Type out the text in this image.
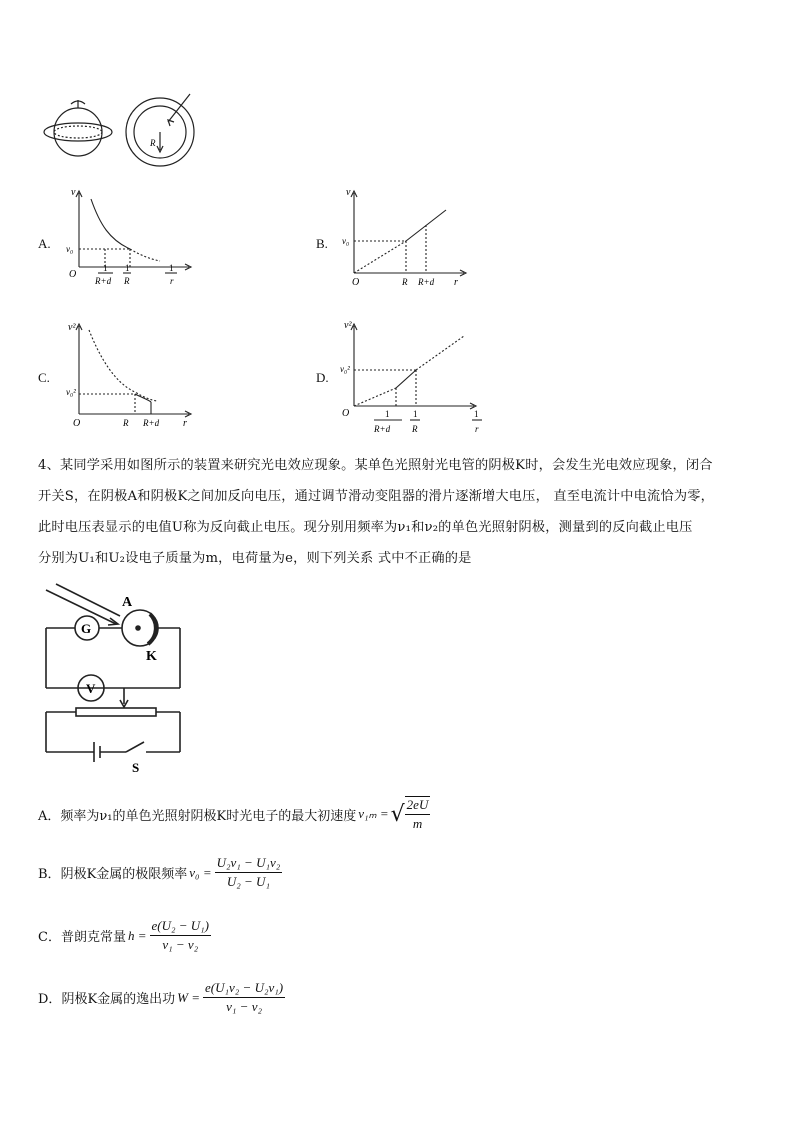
R
A.
v
v₀
O
1
R+d
1
R
1
r
B.
v
v₀
O	R R+d r
C.
v²
v₀²
O	R R+d r
D.
v²
v₀²
O	1
R+d
1
R
1
r
4、某同学采用如图所示的装置来研究光电效应现象。某单色光照射光电管的阴极K时，会发生光电效应现象，闭合
开关S，在阴极A和阴极K之间加反向电压，通过调节滑动变阻器的滑片逐渐增大电压， 直至电流计中电流恰为零，
此时电压表显示的电值U称为反向截止电压。现分别用频率为ν₁和ν₂的单色光照射阴极，测量到的反向截止电压
分别为U₁和U₂设电子质量为m，电荷量为e，则下列关系 式中不正确的是
A
K
G
V
S
A． 频率为ν₁的单色光照射阴极K时光电子的最大初速度 v₁ₘ = √ $\frac{2eU}{m}$
B． 阴极K金属的极限频率 $\nu_0 = \frac{\text{U₂ν₁ − U₁ν₂}}{\text{U₂ − U₁}}$
C． 普朗克常量 $h = \frac{\text{e(U₂ − U₁)}}{\text{ν₁ − ν₂}}$
D． 阴极K金属的逸出功 $W = \frac{\text{e(U₁ν₂ − U₂ν₁)}}{\text{ν₁ − ν₂}}$
